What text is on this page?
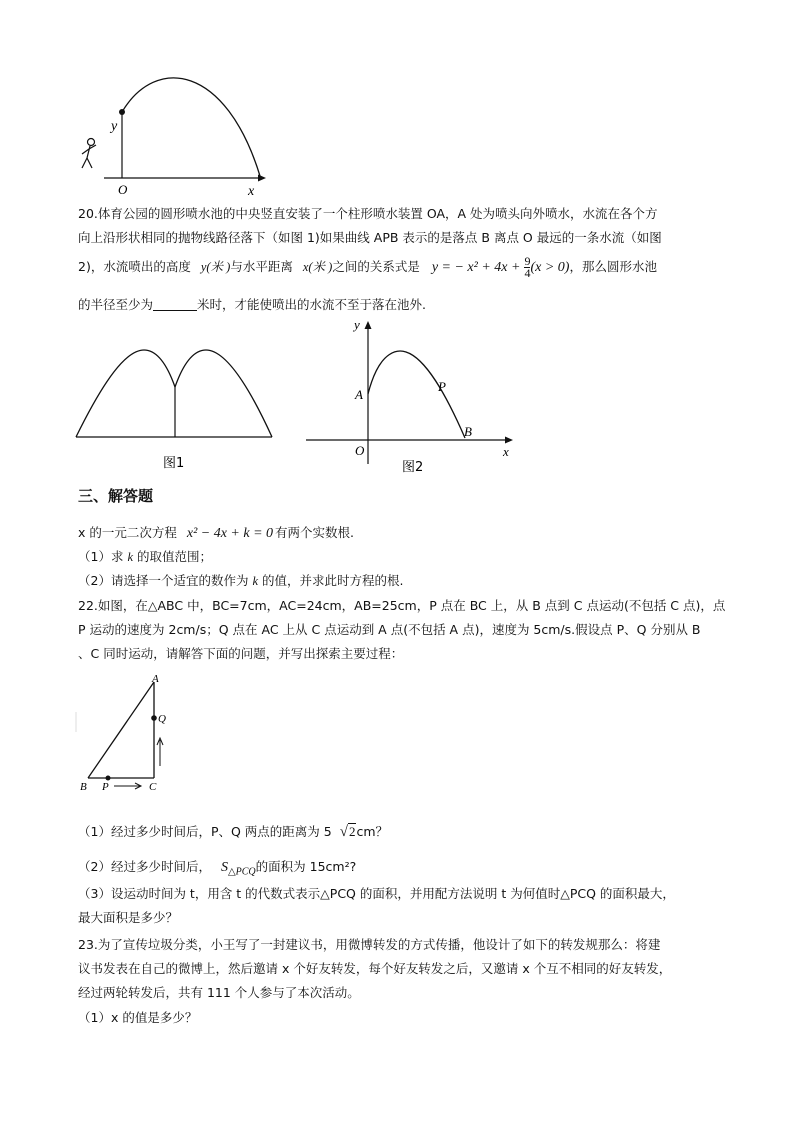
y
O	x
20.体育公园的圆形喷水池的中央竖直安装了一个柱形喷水装置 OA，A 处为喷头向外喷水，水流在各个方
向上沿形状相同的抛物线路径落下（如图 1)如果曲线 APB 表示的是落点 B 离点 O 最远的一条水流（如图
2)，水流喷出的高度 y(米 )与水平距离 x(米 )之间的关系式是 y = − $x^2 + 4x + \frac{9}{4} (x > 0)$，那么圆形水池
的半径至少为	米时，才能使喷出的水流不至于落在池外.
图1
y
A
P
B
O	x
图2
三、解答题
x 的一元二次方程 x² − 4x + k = 0 有两个实数根.
（1）求 k 的取值范围；
（2）请选择一个适宜的数作为 k 的值，并求此时方程的根.
22.如图，在△ABC 中，BC=7cm，AC=24cm，AB=25cm，P 点在 BC 上，从 B 点到 C 点运动(不包括 C 点)，点
P 运动的速度为 2cm/s；Q 点在 AC 上从 C 点运动到 A 点(不包括 A 点)，速度为 5cm/s.假设点 P、Q 分别从 B
、C 同时运动，请解答下面的问题，并写出探索主要过程：
A
Q
B P	C
（1）经过多少时间后，P、Q 两点的距离为 5 √2cm？
（2）经过多少时间后， $S_{\triangle PCQ}$的面积为 15cm²?
（3）设运动时间为 t，用含 t 的代数式表示△PCQ 的面积，并用配方法说明 t 为何值时△PCQ 的面积最大，
最大面积是多少？
23.为了宣传垃圾分类，小王写了一封建议书，用微博转发的方式传播，他设计了如下的转发规那么：将建
议书发表在自己的微博上，然后邀请 x 个好友转发，每个好友转发之后，又邀请 x 个互不相同的好友转发，
经过两轮转发后，共有 111 个人参与了本次活动。
（1）x 的值是多少？
